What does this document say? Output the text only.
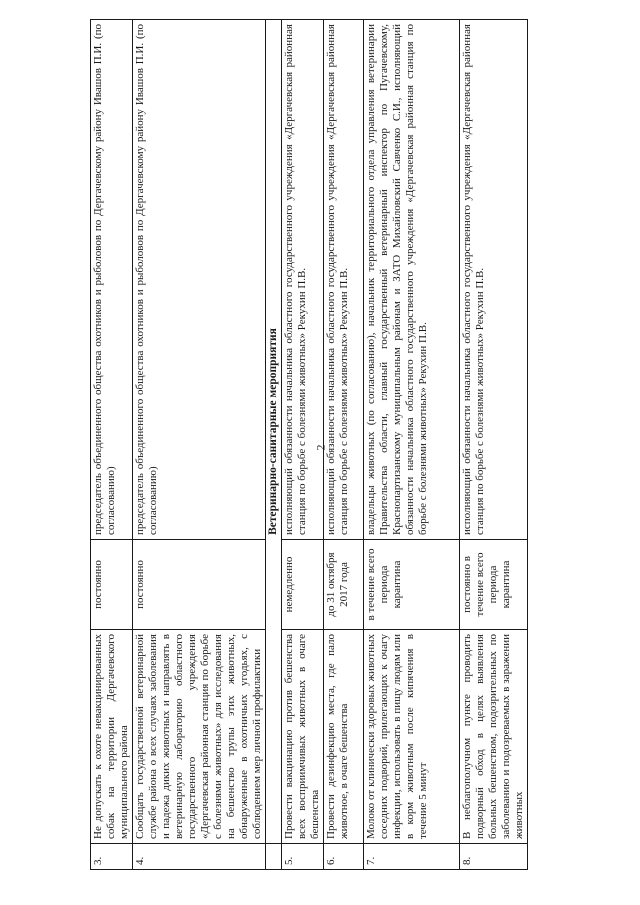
2
3.	Не допускать к охоте невакцинированных собак на территории Дергачевского муниципального района	постоянно	председатель объединенного общества охотников и рыболовов по Дергачевскому району Ивашов П.И. (по согласованию)
4.	Сообщать государственной ветеринарной службе района о всех случаях заболевания и падежа диких животных и направлять в ветеринарную лабораторию областного государственного учреждения «Дергачевская районная станция по борьбе с болезнями животных» для исследования на бешенство трупы этих животных, обнаруженные в охотничьих угодьях, с соблюдением мер личной профилактики	постоянно	председатель объединенного общества охотников и рыболовов по Дергачевскому району Ивашов П.И. (по согласованию)
	Ветеринарно-санитарные мероприятия		
5.	Провести вакцинацию против бешенства всех восприимчивых животных в очаге бешенства	немедленно	исполняющий обязанности начальника областного государственного учреждения «Дергачевская районная станция по борьбе с болезнями животных» Рекухин П.В.
6.	Провести дезинфекцию места, где пало животное, в очаге бешенства	до 31 октября 2017 года	исполняющий обязанности начальника областного государственного учреждения «Дергачевская районная станция по борьбе с болезнями животных» Рекухин П.В.
7.	Молоко от клинически здоровых животных соседних подворий, прилегающих к очагу инфекции, использовать в пищу людям или в корм животным после кипячения в течение 5 минут	в течение всего периода карантина	владельцы животных (по согласованию), начальник территориального отдела управления ветеринарии Правительства области, главный государственный ветеринарный инспектор по Пугачевскому, Краснопартизанскому муниципальным районам и ЗАТО Михайловский Савченко С.И., исполняющий обязанности начальника областного государственного учреждения «Дергачевская районная станция по борьбе с болезнями животных» Рекухин П.В.
8.	В неблагополучном пункте проводить подворный обход в целях выявления больных бешенством, подозрительных по заболеванию и подозреваемых в заражении животных	постоянно в течение всего периода карантина	исполняющий обязанности начальника областного государственного учреждения «Дергачевская районная станция по борьбе с болезнями животных» Рекухин П.В.
